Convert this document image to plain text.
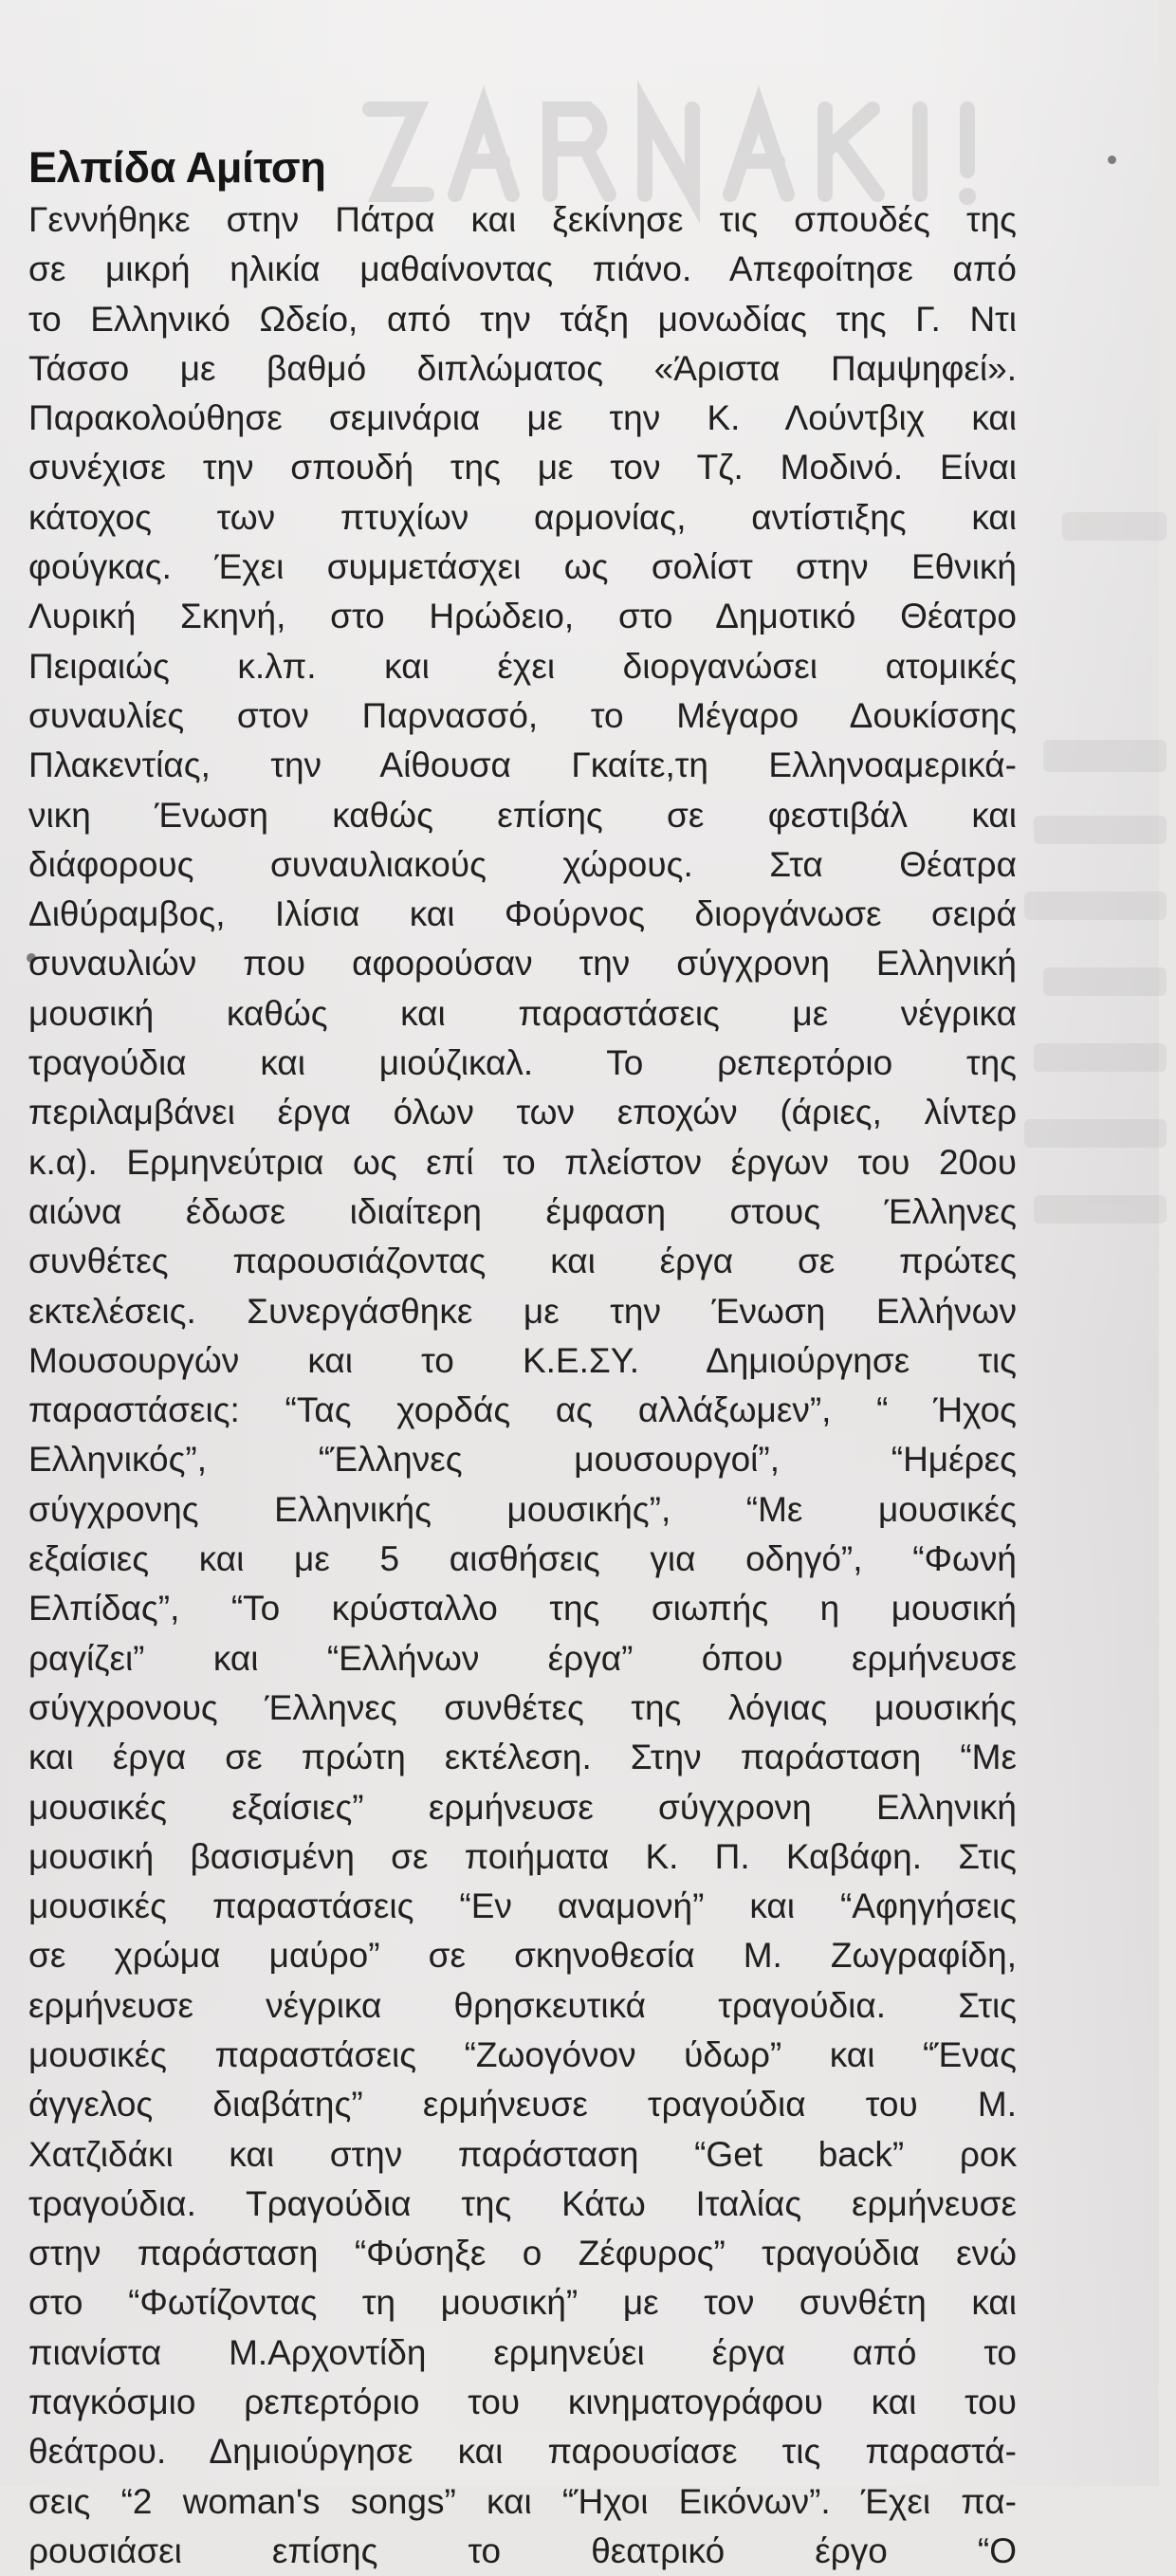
Ελπίδα Αμίτση
Γεννήθηκε στην Πάτρα και ξεκίνησε τις σπουδές της
σε μικρή ηλικία μαθαίνοντας πιάνο. Απεφοίτησε από
το Ελληνικό Ωδείο, από την τάξη μονωδίας της Γ. Ντι
Τάσσο με βαθμό διπλώματος «Άριστα Παμψηφεί».
Παρακολούθησε σεμινάρια με την Κ. Λούντβιχ και
συνέχισε την σπουδή της με τον Τζ. Μοδινό. Είναι
κάτοχος των πτυχίων αρμονίας, αντίστιξης και
φούγκας. Έχει συμμετάσχει ως σολίστ στην Εθνική
Λυρική Σκηνή, στο Ηρώδειο, στο Δημοτικό Θέατρο
Πειραιώς κ.λπ. και έχει διοργανώσει ατομικές
συναυλίες στον Παρνασσό, το Μέγαρο Δουκίσσης
Πλακεντίας, την Αίθουσα Γκαίτε,τη Ελληνοαμερικά-
νικη Ένωση καθώς επίσης σε φεστιβάλ και
διάφορους συναυλιακούς χώρους. Στα Θέατρα
Διθύραμβος, Ιλίσια και Φούρνος διοργάνωσε σειρά
συναυλιών που αφορούσαν την σύγχρονη Ελληνική
μουσική καθώς και παραστάσεις με νέγρικα
τραγούδια και μιούζικαλ. Το ρεπερτόριο της
περιλαμβάνει έργα όλων των εποχών (άριες, λίντερ
κ.α). Ερμηνεύτρια ως επί το πλείστον έργων του 20ου
αιώνα έδωσε ιδιαίτερη έμφαση στους Έλληνες
συνθέτες παρουσιάζοντας και έργα σε πρώτες
εκτελέσεις. Συνεργάσθηκε με την Ένωση Ελλήνων
Μουσουργών και το Κ.Ε.ΣΥ. Δημιούργησε τις
παραστάσεις: “Τας χορδάς ας αλλάξωμεν”, “ Ήχος
Ελληνικός”, “Έλληνες μουσουργοί”, “Ημέρες
σύγχρονης Ελληνικής μουσικής”, “Με μουσικές
εξαίσιες και με 5 αισθήσεις για οδηγό”, “Φωνή
Ελπίδας”, “Το κρύσταλλο της σιωπής η μουσική
ραγίζει” και “Ελλήνων έργα” όπου ερμήνευσε
σύγχρονους Έλληνες συνθέτες της λόγιας μουσικής
και έργα σε πρώτη εκτέλεση. Στην παράσταση “Με
μουσικές εξαίσιες” ερμήνευσε σύγχρονη Ελληνική
μουσική βασισμένη σε ποιήματα Κ. Π. Καβάφη. Στις
μουσικές παραστάσεις “Εν αναμονή” και “Αφηγήσεις
σε χρώμα μαύρο” σε σκηνοθεσία Μ. Ζωγραφίδη,
ερμήνευσε νέγρικα θρησκευτικά τραγούδια. Στις
μουσικές παραστάσεις “Ζωογόνον ύδωρ” και “Ένας
άγγελος διαβάτης” ερμήνευσε τραγούδια του Μ.
Χατζιδάκι και στην παράσταση “Get back” ροκ
τραγούδια. Τραγούδια της Κάτω Ιταλίας ερμήνευσε
στην παράσταση “Φύσηξε ο Ζέφυρος” τραγούδια ενώ
στο “Φωτίζοντας τη μουσική” με τον συνθέτη και
πιανίστα Μ.Αρχοντίδη ερμηνεύει έργα από το
παγκόσμιο ρεπερτόριο του κινηματογράφου και του
θεάτρου. Δημιούργησε και παρουσίασε τις παραστά-
σεις “2 woman's songs” και “Ήχοι Εικόνων”. Έχει πα-
ρουσιάσει επίσης το θεατρικό έργο “Ο
